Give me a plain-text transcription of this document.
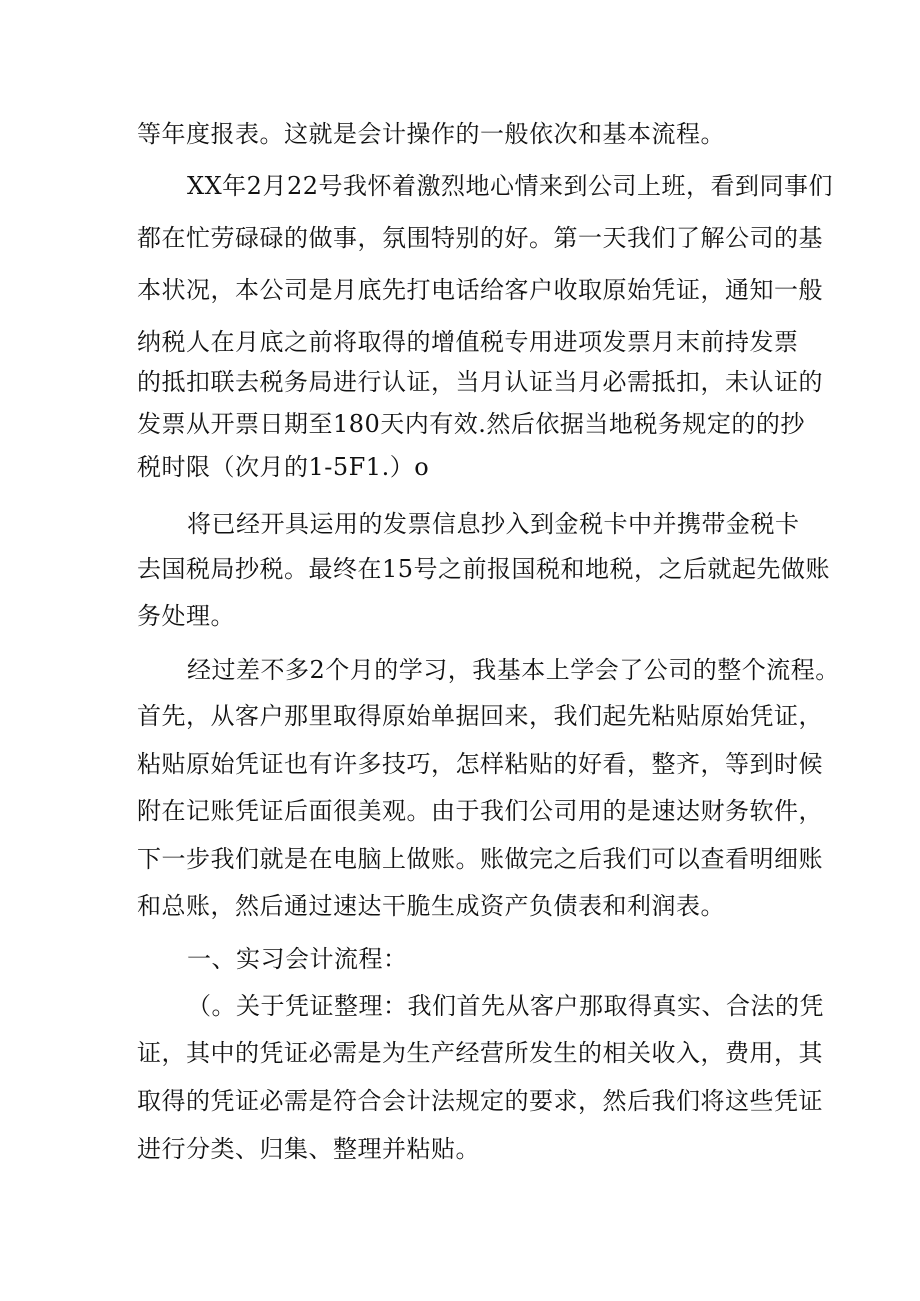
等年度报表。这就是会计操作的一般依次和基本流程。
XX年2月22号我怀着激烈地心情来到公司上班，看到同事们
都在忙劳碌碌的做事，氛围特别的好。第一天我们了解公司的基
本状况，本公司是月底先打电话给客户收取原始凭证，通知一般
纳税人在月底之前将取得的增值税专用进项发票月末前持发票
的抵扣联去税务局进行认证，当月认证当月必需抵扣，未认证的
发票从开票日期至180天内有效.然后依据当地税务规定的的抄
税时限（次月的1-5F1.）o
将已经开具运用的发票信息抄入到金税卡中并携带金税卡
去国税局抄税。最终在15号之前报国税和地税，之后就起先做账
务处理。
经过差不多2个月的学习，我基本上学会了公司的整个流程。
首先，从客户那里取得原始单据回来，我们起先粘贴原始凭证，
粘贴原始凭证也有许多技巧，怎样粘贴的好看，整齐，等到时候
附在记账凭证后面很美观。由于我们公司用的是速达财务软件，
下一步我们就是在电脑上做账。账做完之后我们可以查看明细账
和总账，然后通过速达干脆生成资产负债表和利润表。
一、实习会计流程：
（。关于凭证整理：我们首先从客户那取得真实、合法的凭
证，其中的凭证必需是为生产经营所发生的相关收入，费用，其
取得的凭证必需是符合会计法规定的要求，然后我们将这些凭证
进行分类、归集、整理并粘贴。
